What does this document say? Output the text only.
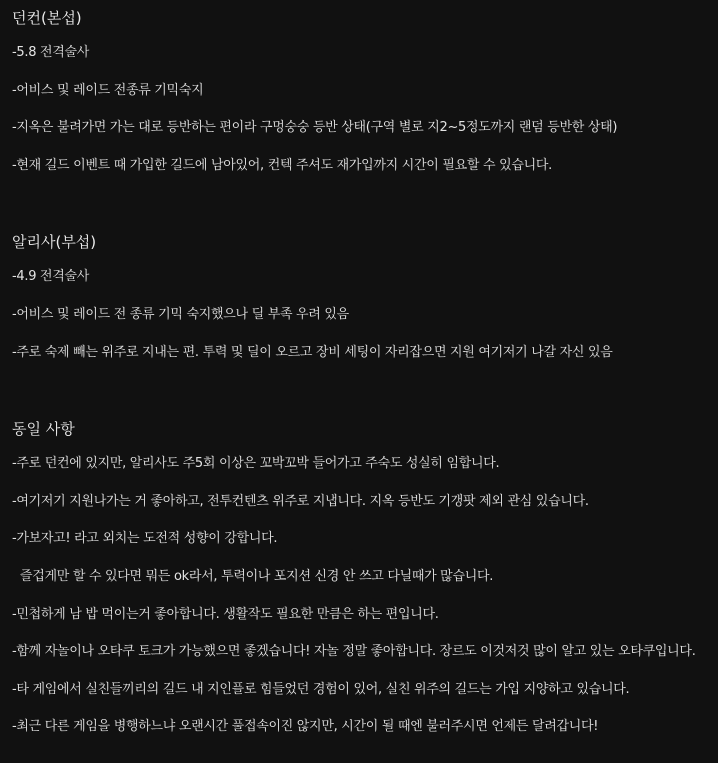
던컨(본섭)
-5.8 전격술사
-어비스 및 레이드 전종류 기믹숙지
-지옥은 불려가면 가는 대로 등반하는 편이라 구멍숭숭 등반 상태(구역 별로 지2~5정도까지 랜덤 등반한 상태)
-현재 길드 이벤트 때 가입한 길드에 남아있어, 컨텍 주셔도 재가입까지 시간이 필요할 수 있습니다.
알리사(부섭)
-4.9 전격술사
-어비스 및 레이드 전 종류 기믹 숙지했으나 딜 부족 우려 있음
-주로 숙제 빼는 위주로 지내는 편. 투력 및 딜이 오르고 장비 세팅이 자리잡으면 지원 여기저기 나갈 자신 있음
동일 사항
-주로 던컨에 있지만, 알리사도 주5회 이상은 꼬박꼬박 들어가고 주숙도 성실히 임합니다.
-여기저기 지원나가는 거 좋아하고, 전투컨텐츠 위주로 지냅니다. 지옥 등반도 기갱팟 제외 관심 있습니다.
-가보자고! 라고 외치는 도전적 성향이 강합니다.
즐겁게만 할 수 있다면 뭐든 ok라서, 투력이나 포지션 신경 안 쓰고 다닐때가 많습니다.
-민첩하게 남 밥 먹이는거 좋아합니다. 생활작도 필요한 만큼은 하는 편입니다.
-함께 자놀이나 오타쿠 토크가 가능했으면 좋겠습니다! 자놀 정말 좋아합니다. 장르도 이것저것 많이 알고 있는 오타쿠입니다.
-타 게임에서 실친들끼리의 길드 내 지인플로 힘들었던 경험이 있어, 실친 위주의 길드는 가입 지양하고 있습니다.
-최근 다른 게임을 병행하느냐 오랜시간 풀접속이진 않지만, 시간이 될 때엔 불러주시면 언제든 달려갑니다!
